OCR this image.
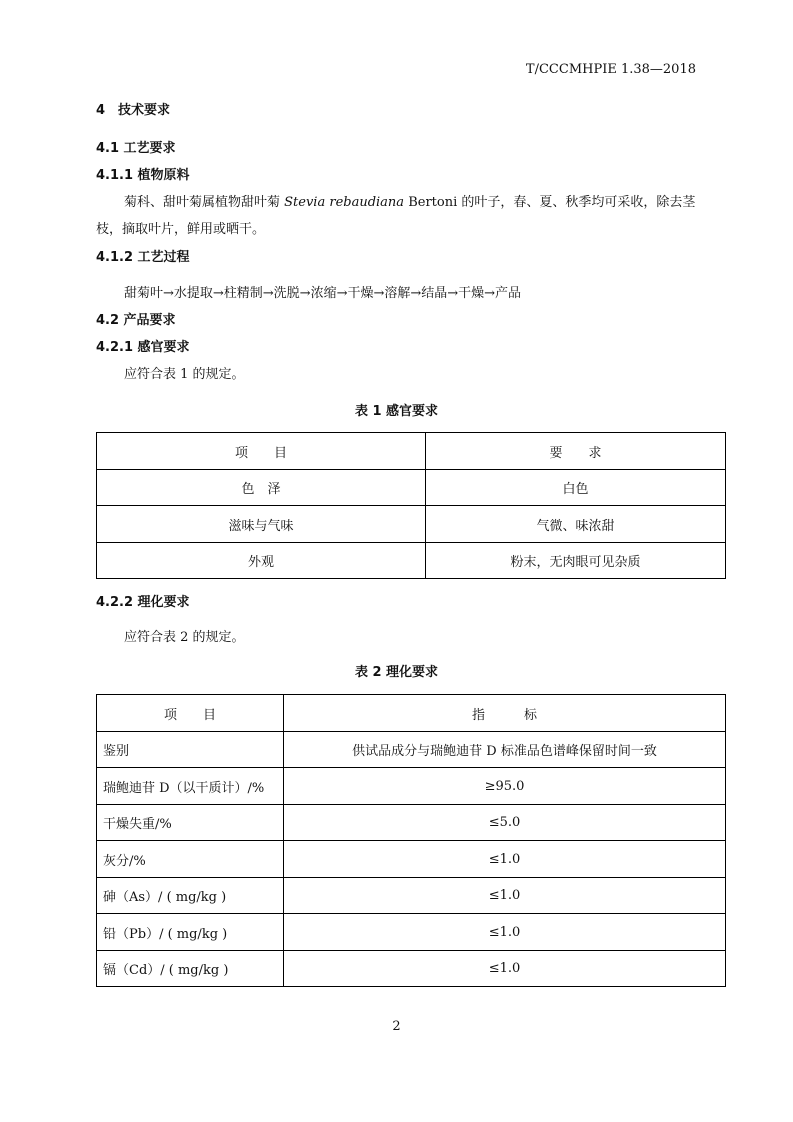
T/CCCMHPIE 1.38—2018
4　技术要求
4.1 工艺要求
4.1.1 植物原料
菊科、甜叶菊属植物甜叶菊 Stevia rebaudiana Bertoni 的叶子，春、夏、秋季均可采收，除去茎
枝，摘取叶片，鲜用或晒干。
4.1.2 工艺过程
甜菊叶→水提取→柱精制→洗脱→浓缩→干燥→溶解→结晶→干燥→产品
4.2 产品要求
4.2.1 感官要求
应符合表 1 的规定。
表 1 感官要求
项　　目	要　　求
色　泽	白色
滋味与气味	气微、味浓甜
外观	粉末，无肉眼可见杂质
4.2.2 理化要求
应符合表 2 的规定。
表 2 理化要求
项　　目	指　　　标
鉴别	供试品成分与瑞鲍迪苷 D 标准品色谱峰保留时间一致
瑞鲍迪苷 D（以干质计）/%	≥95.0
干燥失重/%	≤5.0
灰分/%	≤1.0
砷（As）/ ( mg/kg )	≤1.0
铅（Pb）/ ( mg/kg )	≤1.0
镉（Cd）/ ( mg/kg )	≤1.0
2
